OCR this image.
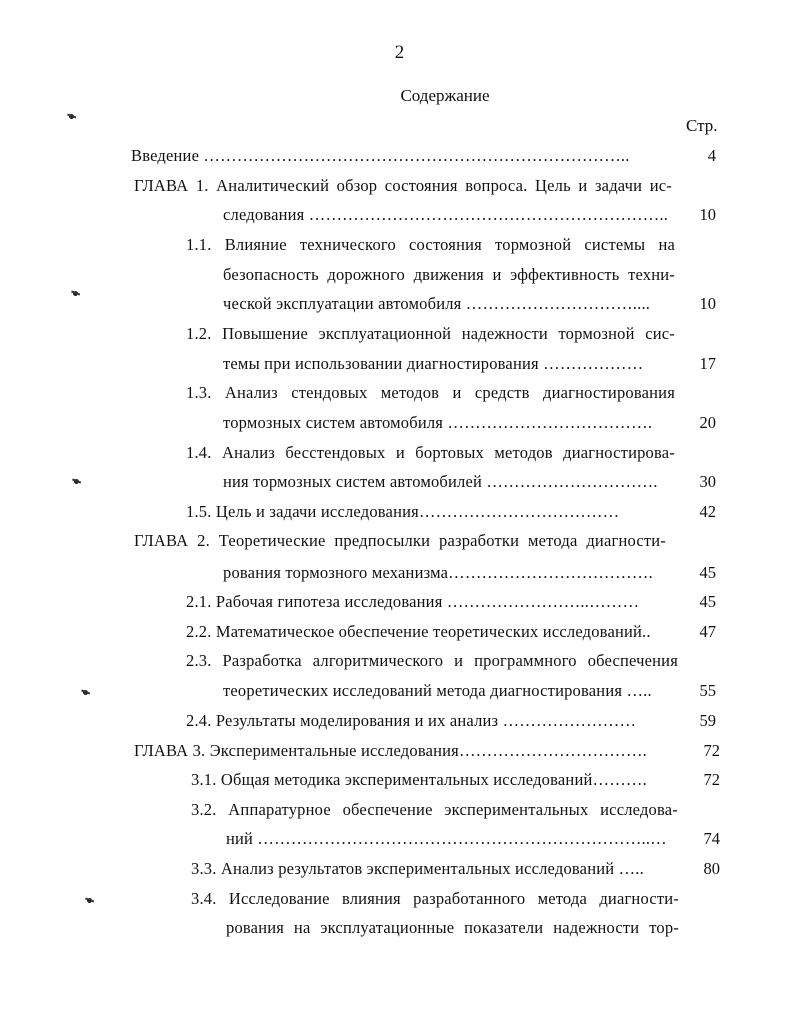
2
Содержание
Стр.
Введение …………………………………………………………………..	4
ГЛАВА 1. Аналитический обзор состояния вопроса. Цель и задачи ис-
следования ………………………………………………………..	10
1.1. Влияние технического состояния тормозной системы на
безопасность дорожного движения и эффективность техни-
ческой эксплуатации автомобиля …………………………....	10
1.2. Повышение эксплуатационной надежности тормозной сис-
темы при использовании диагностирования ………………	17
1.3. Анализ стендовых методов и средств диагностирования
тормозных систем автомобиля ……………………………….	20
1.4. Анализ бесстендовых и бортовых методов диагностирова-
ния тормозных систем автомобилей ………………………….	30
1.5. Цель и задачи исследования………………………………	42
ГЛАВА 2. Теоретические предпосылки разработки метода диагности-
рования тормозного механизма……………………………….	45
2.1. Рабочая гипотеза исследования ……………………..………	45
2.2. Математическое обеспечение теоретических исследований..	47
2.3. Разработка алгоритмического и программного обеспечения
теоретических исследований метода диагностирования …..	55
2.4. Результаты моделирования и их анализ ……………………	59
ГЛАВА 3. Экспериментальные исследования…………………………….	72
3.1. Общая методика экспериментальных исследований……….	72
3.2. Аппаратурное обеспечение экспериментальных исследова-
ний ……………………………………………………………..…	74
3.3. Анализ результатов экспериментальных исследований …..	80
3.4. Исследование влияния разработанного метода диагности-
рования на эксплуатационные показатели надежности тор-
